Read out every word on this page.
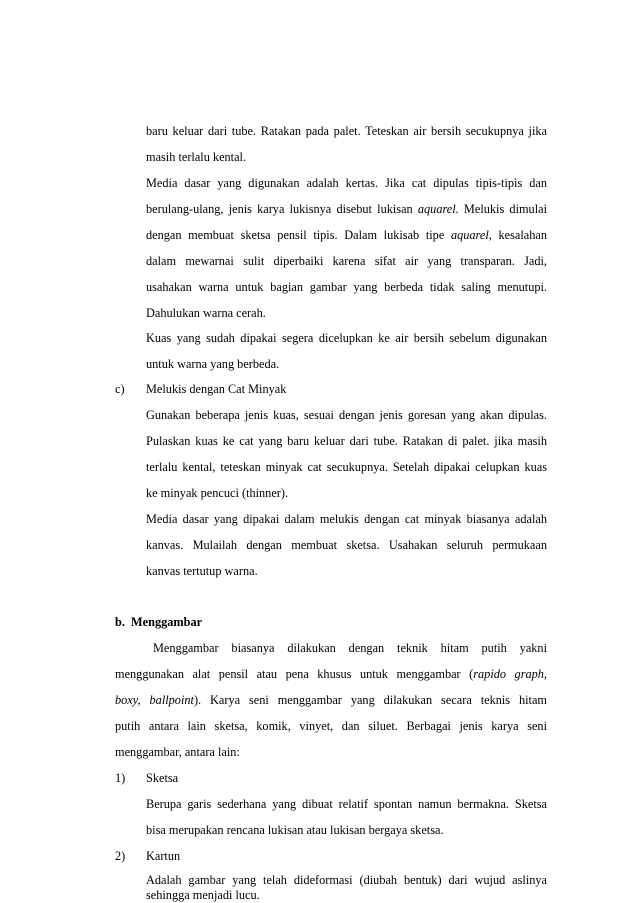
baru keluar dari tube. Ratakan pada palet. Teteskan air bersih secukupnya jika
masih terlalu kental.
Media dasar yang digunakan adalah kertas. Jika cat dipulas tipis-tipis dan
berulang-ulang, jenis karya lukisnya disebut lukisan aquarel. Melukis dimulai
dengan membuat sketsa pensil tipis. Dalam lukisab tipe aquarel, kesalahan
dalam mewarnai sulit diperbaiki karena sifat air yang transparan. Jadi,
usahakan warna untuk bagian gambar yang berbeda tidak saling menutupi.
Dahulukan warna cerah.
Kuas yang sudah dipakai segera dicelupkan ke air bersih sebelum digunakan
untuk warna yang berbeda.
c) Melukis dengan Cat Minyak
Gunakan beberapa jenis kuas, sesuai dengan jenis goresan yang akan dipulas.
Pulaskan kuas ke cat yang baru keluar dari tube. Ratakan di palet. jika masih
terlalu kental, teteskan minyak cat secukupnya. Setelah dipakai celupkan kuas
ke minyak pencuci (thinner).
Media dasar yang dipakai dalam melukis dengan cat minyak biasanya adalah
kanvas. Mulailah dengan membuat sketsa. Usahakan seluruh permukaan
kanvas tertutup warna.
b.  Menggambar
Menggambar biasanya dilakukan dengan teknik hitam putih yakni
menggunakan alat pensil atau pena khusus untuk menggambar (rapido graph,
boxy, ballpoint). Karya seni menggambar yang dilakukan secara teknis hitam
putih antara lain sketsa, komik, vinyet, dan siluet. Berbagai jenis karya seni
menggambar, antara lain:
1) Sketsa
Berupa garis sederhana yang dibuat relatif spontan namun bermakna. Sketsa
bisa merupakan rencana lukisan atau lukisan bergaya sketsa.
2) Kartun
Adalah gambar yang telah dideformasi (diubah bentuk) dari wujud aslinya
sehingga menjadi lucu.
